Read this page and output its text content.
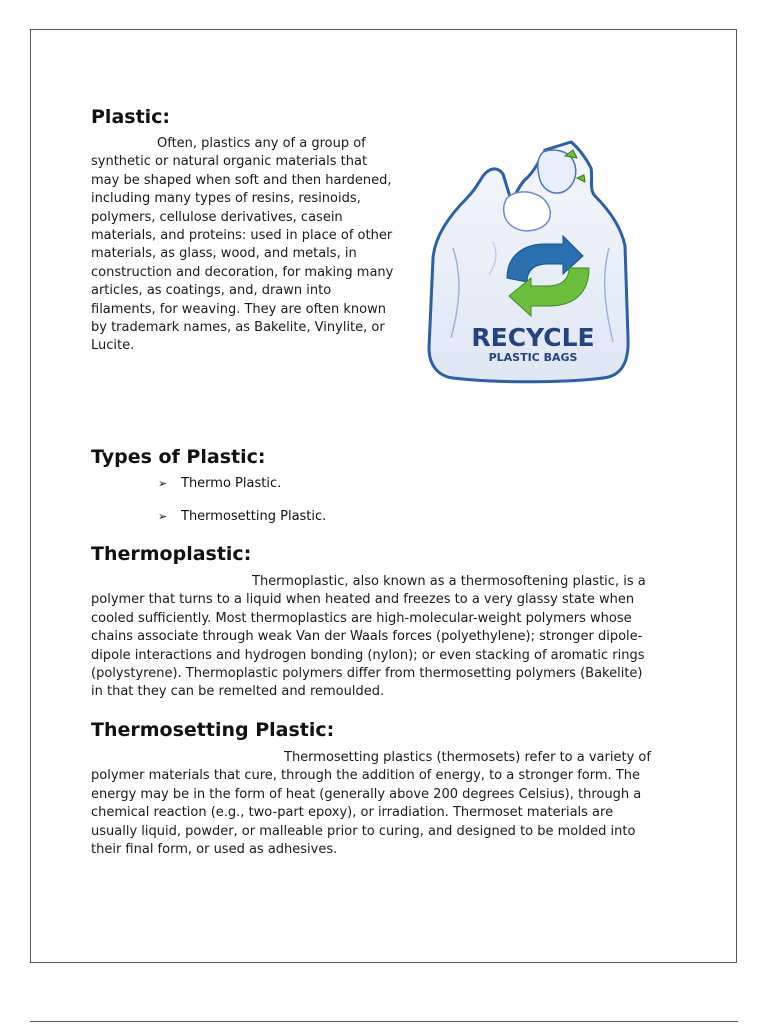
Plastic:
Often, plastics any of a group of
synthetic or natural organic materials that
may be shaped when soft and then hardened,
including many types of resins, resinoids,
polymers, cellulose derivatives, casein
materials, and proteins: used in place of other
materials, as glass, wood, and metals, in
construction and decoration, for making many
articles, as coatings, and, drawn into
filaments, for weaving. They are often known
by trademark names, as Bakelite, Vinylite, or
Lucite.	RECYCLE
PLASTIC BAGS
Types of Plastic:
➢	Thermo Plastic.
➢	Thermosetting Plastic.
Thermoplastic:
Thermoplastic, also known as a thermosoftening plastic, is a
polymer that turns to a liquid when heated and freezes to a very glassy state when
cooled sufficiently. Most thermoplastics are high-molecular-weight polymers whose
chains associate through weak Van der Waals forces (polyethylene); stronger dipole-
dipole interactions and hydrogen bonding (nylon); or even stacking of aromatic rings
(polystyrene). Thermoplastic polymers differ from thermosetting polymers (Bakelite)
in that they can be remelted and remoulded.
Thermosetting Plastic:
Thermosetting plastics (thermosets) refer to a variety of
polymer materials that cure, through the addition of energy, to a stronger form. The
energy may be in the form of heat (generally above 200 degrees Celsius), through a
chemical reaction (e.g., two-part epoxy), or irradiation. Thermoset materials are
usually liquid, powder, or malleable prior to curing, and designed to be molded into
their final form, or used as adhesives.
